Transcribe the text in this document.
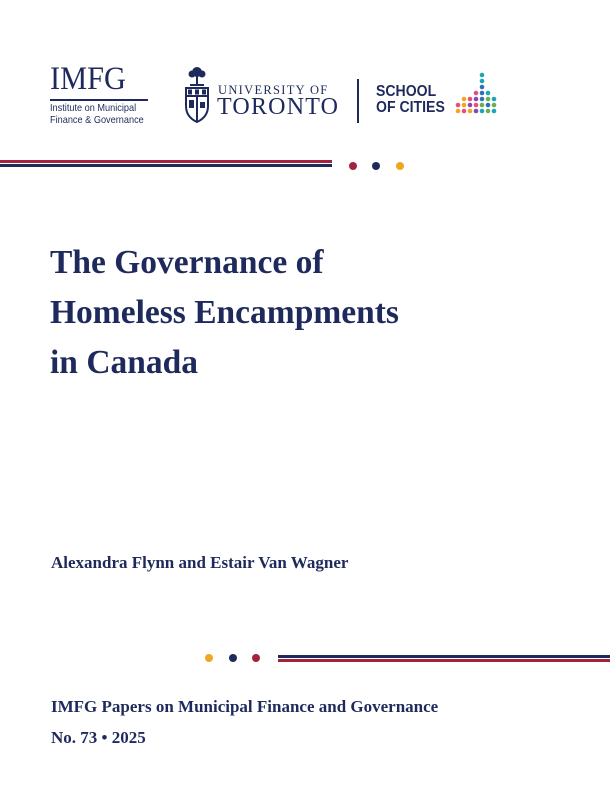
IMFG
Institute on Municipal
Finance & Governance
UNIVERSITY OF
TORONTO
SCHOOL
OF CITIES
The Governance of
Homeless Encampments
in Canada
Alexandra Flynn and Estair Van Wagner
IMFG Papers on Municipal Finance and Governance
No. 73 • 2025
